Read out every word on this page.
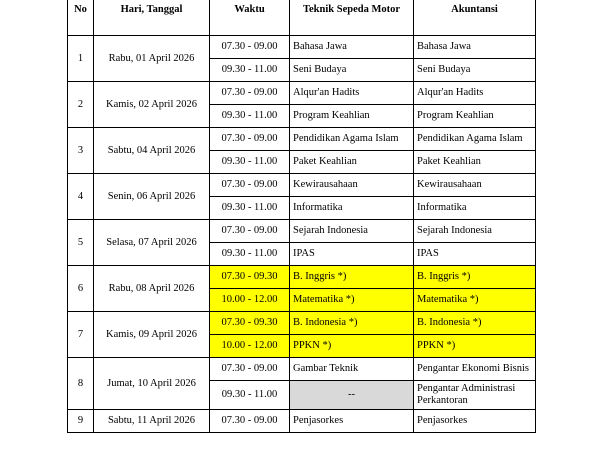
No	Hari, Tanggal	Waktu	Teknik Sepeda Motor	Akuntansi
1	Rabu, 01 April 2026	07.30 - 09.00	Bahasa Jawa	Bahasa Jawa
		09.30 - 11.00	Seni Budaya	Seni Budaya
2	Kamis, 02 April 2026	07.30 - 09.00	Alqur'an Hadits	Alqur'an Hadits
		09.30 - 11.00	Program Keahlian	Program Keahlian
3	Sabtu, 04 April 2026	07.30 - 09.00	Pendidikan Agama Islam	Pendidikan Agama Islam
		09.30 - 11.00	Paket Keahlian	Paket Keahlian
4	Senin, 06 April 2026	07.30 - 09.00	Kewirausahaan	Kewirausahaan
		09.30 - 11.00	Informatika	Informatika
5	Selasa, 07 April 2026	07.30 - 09.00	Sejarah Indonesia	Sejarah Indonesia
		09.30 - 11.00	IPAS	IPAS
6	Rabu, 08 April 2026	07.30 - 09.30	B. Inggris *)	B. Inggris *)
		10.00 - 12.00	Matematika *)	Matematika *)
7	Kamis, 09 April 2026	07.30 - 09.30	B. Indonesia *)	B. Indonesia *)
		10.00 - 12.00	PPKN *)	PPKN *)
8	Jumat, 10 April 2026	07.30 - 09.00	Gambar Teknik	Pengantar Ekonomi Bisnis
		09.30 - 11.00	--	Pengantar Administrasi Perkantoran
9	Sabtu, 11 April 2026	07.30 - 09.00	Penjasorkes	Penjasorkes
